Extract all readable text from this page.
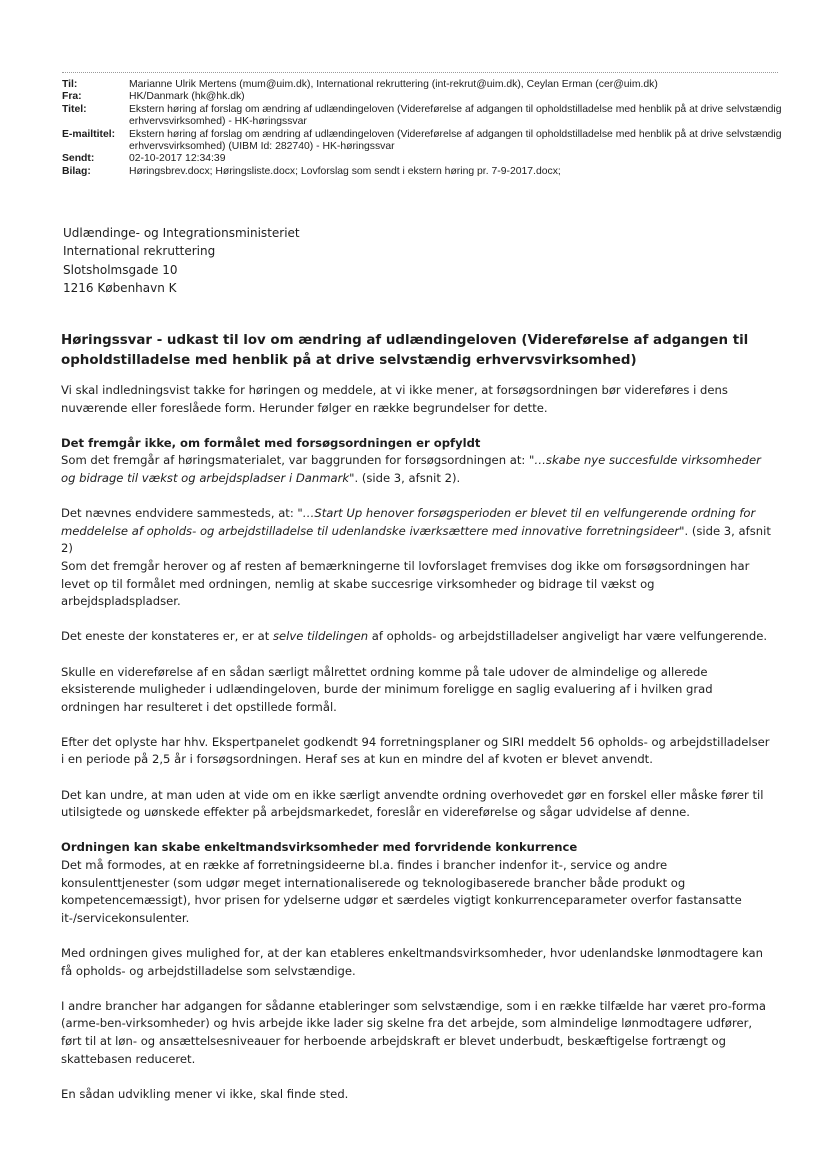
Til:	Marianne Ulrik Mertens (mum@uim.dk), International rekruttering (int-rekrut@uim.dk), Ceylan Erman (cer@uim.dk)
Fra:	HK/Danmark (hk@hk.dk)
Titel:	Ekstern høring af forslag om ændring af udlændingeloven (Videreførelse af adgangen til opholdstilladelse med henblik på at drive selvstændig erhvervsvirksomhed) - HK-høringssvar
E-mailtitel:	Ekstern høring af forslag om ændring af udlændingeloven (Videreførelse af adgangen til opholdstilladelse med henblik på at drive selvstændig erhvervsvirksomhed) (UIBM Id: 282740) - HK-høringssvar
Sendt:	02-10-2017 12:34:39
Bilag:	Høringsbrev.docx; Høringsliste.docx; Lovforslag som sendt i ekstern høring pr. 7-9-2017.docx;
Udlændinge- og Integrationsministeriet
International rekruttering
Slotsholmsgade 10
1216 København K
Høringssvar - udkast til lov om ændring af udlændingeloven (Videreførelse af adgangen til opholdstilladelse med henblik på at drive selvstændig erhvervsvirksomhed)

Vi skal indledningsvist takke for høringen og meddele, at vi ikke mener, at forsøgsordningen bør videreføres i dens nuværende eller foreslåede form. Herunder følger en række begrundelser for dette.

Det fremgår ikke, om formålet med forsøgsordningen er opfyldt

Som det fremgår af høringsmaterialet, var baggrunden for forsøgsordningen at: "…skabe nye succesfulde virksomheder og bidrage til vækst og arbejdspladser i Danmark". (side 3, afsnit 2).

Det nævnes endvidere sammesteds, at: "…Start Up henover forsøgsperioden er blevet til en velfungerende ordning for meddelelse af opholds- og arbejdstilladelse til udenlandske iværksættere med innovative forretningsideer". (side 3, afsnit 2)

Som det fremgår herover og af resten af bemærkningerne til lovforslaget fremvises dog ikke om forsøgsordningen har levet op til formålet med ordningen, nemlig at skabe succesrige virksomheder og bidrage til vækst og arbejdspladspladser.

Det eneste der konstateres er, er at selve tildelingen af opholds- og arbejdstilladelser angiveligt har være velfungerende.

Skulle en videreførelse af en sådan særligt målrettet ordning komme på tale udover de almindelige og allerede eksisterende muligheder i udlændingeloven, burde der minimum foreligge en saglig evaluering af i hvilken grad ordningen har resulteret i det opstillede formål.

Efter det oplyste har hhv. Ekspertpanelet godkendt 94 forretningsplaner og SIRI meddelt 56 opholds- og arbejdstilladelser i en periode på 2,5 år i forsøgsordningen. Heraf ses at kun en mindre del af kvoten er blevet anvendt.

Det kan undre, at man uden at vide om en ikke særligt anvendte ordning overhovedet gør en forskel eller måske fører til utilsigtede og uønskede effekter på arbejdsmarkedet, foreslår en videreførelse og sågar udvidelse af denne.

Ordningen kan skabe enkeltmandsvirksomheder med forvridende konkurrence

Det må formodes, at en række af forretningsideerne bl.a. findes i brancher indenfor it-, service og andre konsulenttjenester (som udgør meget internationaliserede og teknologibaserede brancher både produkt og kompetencemæssigt), hvor prisen for ydelserne udgør et særdeles vigtigt konkurrenceparameter overfor fastansatte it-/servicekonsulenter.

Med ordningen gives mulighed for, at der kan etableres enkeltmandsvirksomheder, hvor udenlandske lønmodtagere kan få opholds- og arbejdstilladelse som selvstændige.

I andre brancher har adgangen for sådanne etableringer som selvstændige, som i en række tilfælde har været pro-forma (arme-ben-virksomheder) og hvis arbejde ikke lader sig skelne fra det arbejde, som almindelige lønmodtagere udfører, ført til at løn- og ansættelsesniveauer for herboende arbejdskraft er blevet underbudt, beskæftigelse fortrængt og skattebasen reduceret.

En sådan udvikling mener vi ikke, skal finde sted.
